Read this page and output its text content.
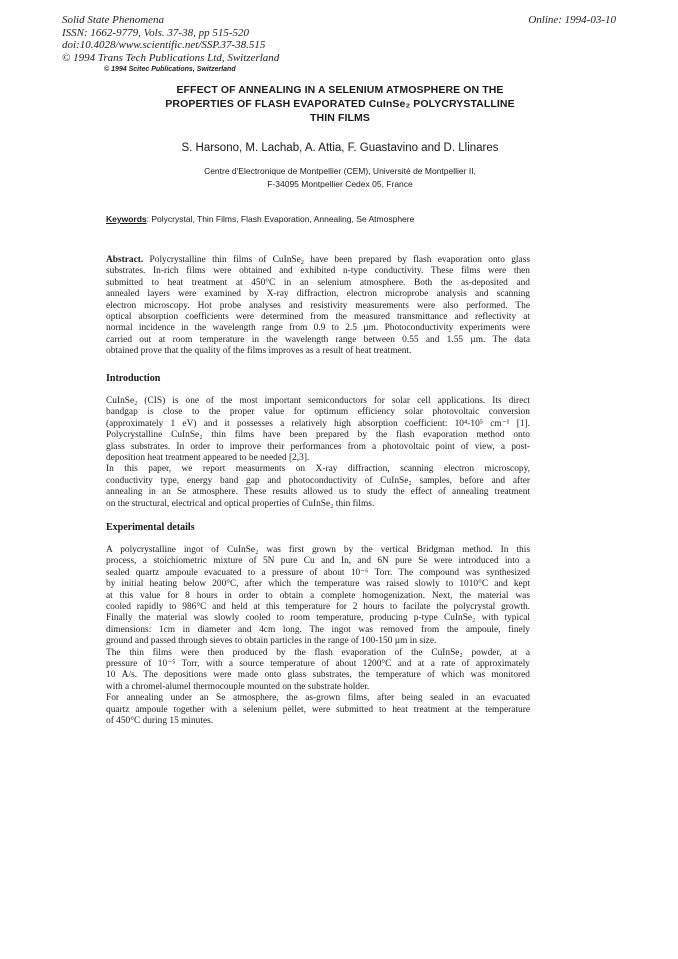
Solid State Phenomena
ISSN: 1662-9779, Vols. 37-38, pp 515-520
doi:10.4028/www.scientific.net/SSP.37-38.515
© 1994 Trans Tech Publications Ltd, Switzerland
Online: 1994-03-10
© 1994 Scitec Publications, Switzerland
EFFECT OF ANNEALING IN A SELENIUM ATMOSPHERE ON THE
PROPERTIES OF FLASH EVAPORATED CuInSe₂ POLYCRYSTALLINE
THIN FILMS
S. Harsono, M. Lachab, A. Attia, F. Guastavino and D. Llinares
Centre d'Electronique de Montpellier (CEM), Université de Montpellier II,
F-34095 Montpellier Cedex 05, France
Keywords: Polycrystal, Thin Films, Flash Evaporation, Annealing, Se Atmosphere
Abstract. Polycrystalline thin films of CuInSe₂ have been prepared by flash evaporation onto glass
substrates. In-rich films were obtained and exhibited n-type conductivity. These films were then
submitted to heat treatment at 450°C in an selenium atmosphere. Both the as-deposited and
annealed layers were examined by X-ray diffraction, electron microprobe analysis and scanning
electron microscopy. Hot probe analyses and resistivity measurements were also performed. The
optical absorption coefficients were determined from the measured transmittance and reflectivity at
normal incidence in the wavelength range from 0.9 to 2.5 µm. Photoconductivity experiments were
carried out at room temperature in the wavelength range between 0.55 and 1.55 µm. The data
obtained prove that the quality of the films improves as a result of heat treatment.
Introduction
CuInSe₂ (CIS) is one of the most important semiconductors for solar cell applications. Its direct
bandgap is close to the proper value for optimum efficiency solar photovoltaic conversion
(approximately 1 eV) and it possesses a relatively high absorption coefficient: 10⁴-10⁵ cm⁻¹ [1].
Polycrystalline CuInSe₂ thin films have been prepared by the flash evaporation method onto
glass substrates. In order to improve their performances from a photovoltaic point of view, a post-
deposition heat treatment appeared to be needed [2,3].
In this paper, we report measurments on X-ray diffraction, scanning electron microscopy,
conductivity type, energy band gap and photoconductivity of CuInSe₂ samples, before and after
annealing in an Se atmosphere. These results allowed us to study the effect of annealing treatment
on the structural, electrical and optical properties of CuInSe₂ thin films.
Experimental details
A polycrystalline ingot of CuInSe₂ was first grown by the vertical Bridgman method. In this
process, a stoichiometric mixture of 5N pure Cu and In, and 6N pure Se were introduced into a
sealed quartz ampoule evacuated to a pressure of about 10⁻⁶ Torr. The compound was synthesized
by initial heating below 200°C, after which the temperature was raised slowly to 1010°C and kept
at this value for 8 hours in order to obtain a complete homogenization. Next, the material was
cooled rapidly to 986°C and held at this temperature for 2 hours to facilate the polycrystal growth.
Finally the material was slowly cooled to room temperature, producing p-type CuInSe₂ with typical
dimensions: 1cm in diameter and 4cm long. The ingot was removed from the ampoule, finely
ground and passed through sieves to obtain particles in the range of 100-150 µm in size.
The thin films were then produced by the flash evaporation of the CuInSe₂ powder, at a
pressure of 10⁻⁵ Torr, with a source temperature of about 1200°C and at a rate of approximately
10 Å/s. The depositions were made onto glass substrates, the temperature of which was monitored
with a chromel-alumel thermocouple mounted on the substrate holder.
For annealing under an Se atmosphere, the as-grown films, after being sealed in an evacuated
quartz ampoule together with a selenium pellet, were submitted to heat treatment at the temperature
of 450°C during 15 minutes.
